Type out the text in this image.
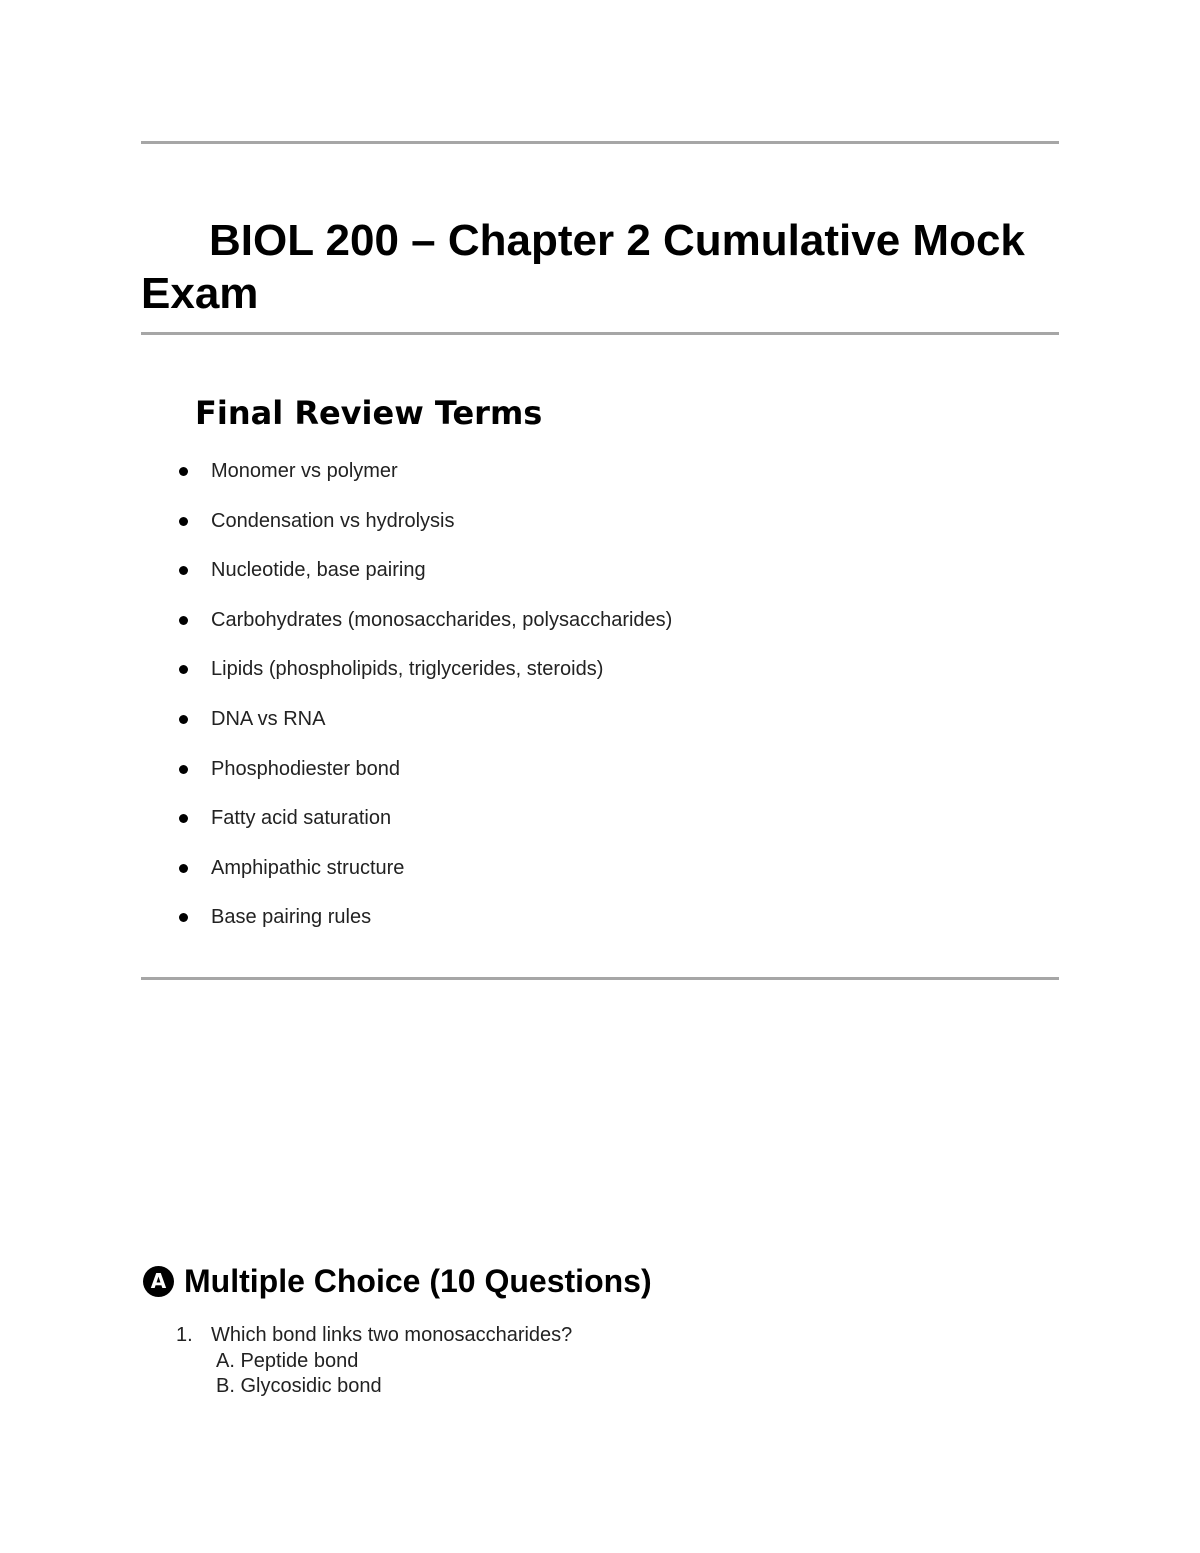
BIOL 200 – Chapter 2 Cumulative Mock Exam
Final Review Terms
Monomer vs polymer
Condensation vs hydrolysis
Nucleotide, base pairing
Carbohydrates (monosaccharides, polysaccharides)
Lipids (phospholipids, triglycerides, steroids)
DNA vs RNA
Phosphodiester bond
Fatty acid saturation
Amphipathic structure
Base pairing rules
A Multiple Choice (10 Questions)
1. Which bond links two monosaccharides?
A. Peptide bond
B. Glycosidic bond
